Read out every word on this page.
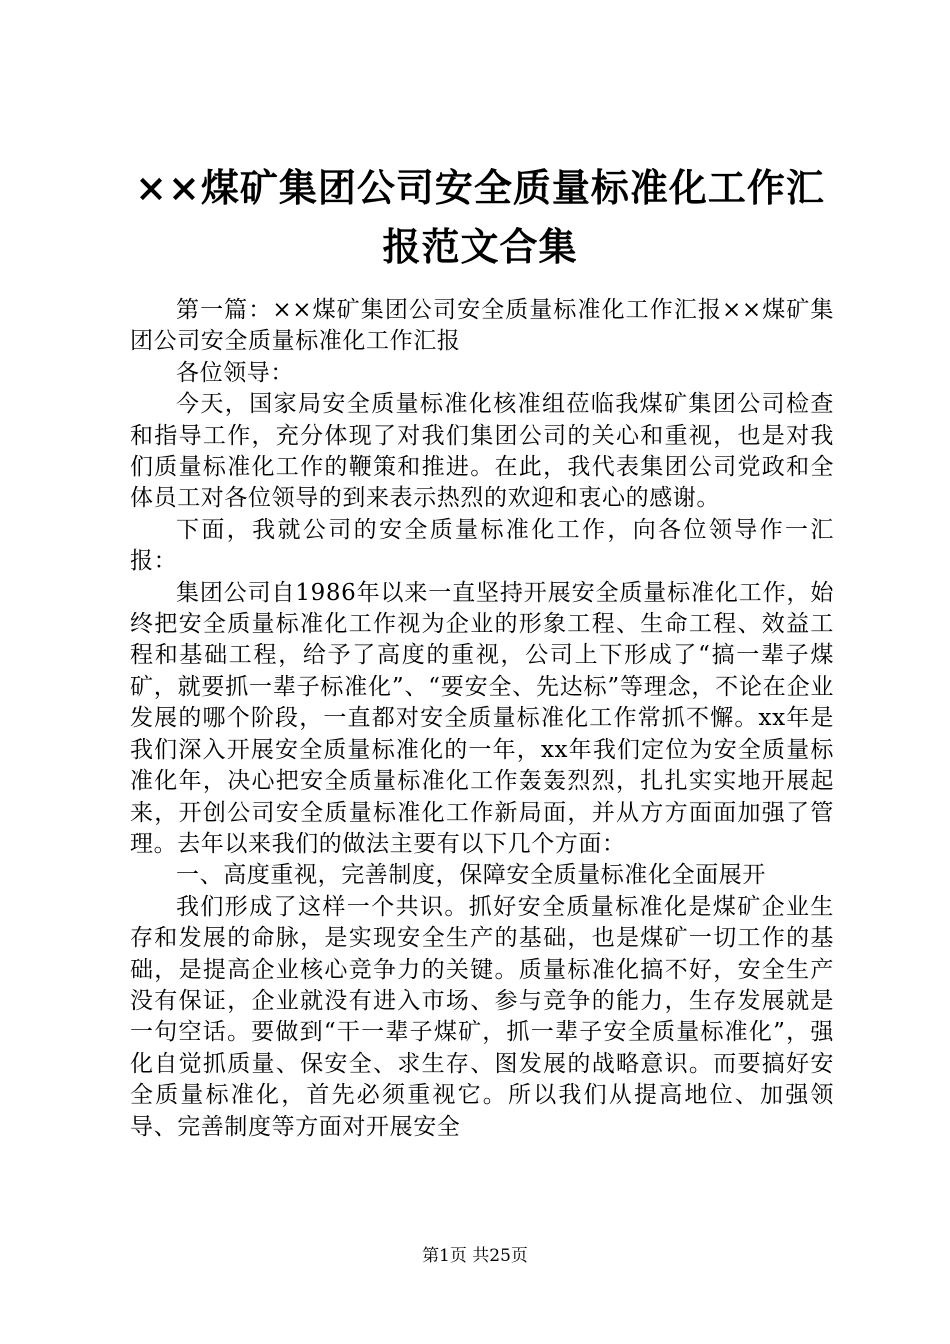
××煤矿集团公司安全质量标准化工作汇报范文合集

第一篇：××煤矿集团公司安全质量标准化工作汇报××煤矿集团公司安全质量标准化工作汇报

各位领导：

今天，国家局安全质量标准化核准组莅临我煤矿集团公司检查和指导工作，充分体现了对我们集团公司的关心和重视，也是对我们质量标准化工作的鞭策和推进。在此，我代表集团公司党政和全体员工对各位领导的到来表示热烈的欢迎和衷心的感谢。

下面，我就公司的安全质量标准化工作，向各位领导作一汇报：

集团公司自1986年以来一直坚持开展安全质量标准化工作，始终把安全质量标准化工作视为企业的形象工程、生命工程、效益工程和基础工程，给予了高度的重视，公司上下形成了“搞一辈子煤矿，就要抓一辈子标准化”、“要安全、先达标”等理念，不论在企业发展的哪个阶段，一直都对安全质量标准化工作常抓不懈。xx年是我们深入开展安全质量标准化的一年，xx年我们定位为安全质量标准化年，决心把安全质量标准化工作轰轰烈烈，扎扎实实地开展起来，开创公司安全质量标准化工作新局面，并从方方面面加强了管理。去年以来我们的做法主要有以下几个方面：

一、高度重视，完善制度，保障安全质量标准化全面展开

我们形成了这样一个共识。抓好安全质量标准化是煤矿企业生存和发展的命脉，是实现安全生产的基础，也是煤矿一切工作的基础，是提高企业核心竞争力的关键。质量标准化搞不好，安全生产没有保证，企业就没有进入市场、参与竞争的能力，生存发展就是一句空话。要做到“干一辈子煤矿，抓一辈子安全质量标准化”，强化自觉抓质量、保安全、求生存、图发展的战略意识。而要搞好安全质量标准化，首先必须重视它。所以我们从提高地位、加强领导、完善制度等方面对开展安全

第1页 共25页
